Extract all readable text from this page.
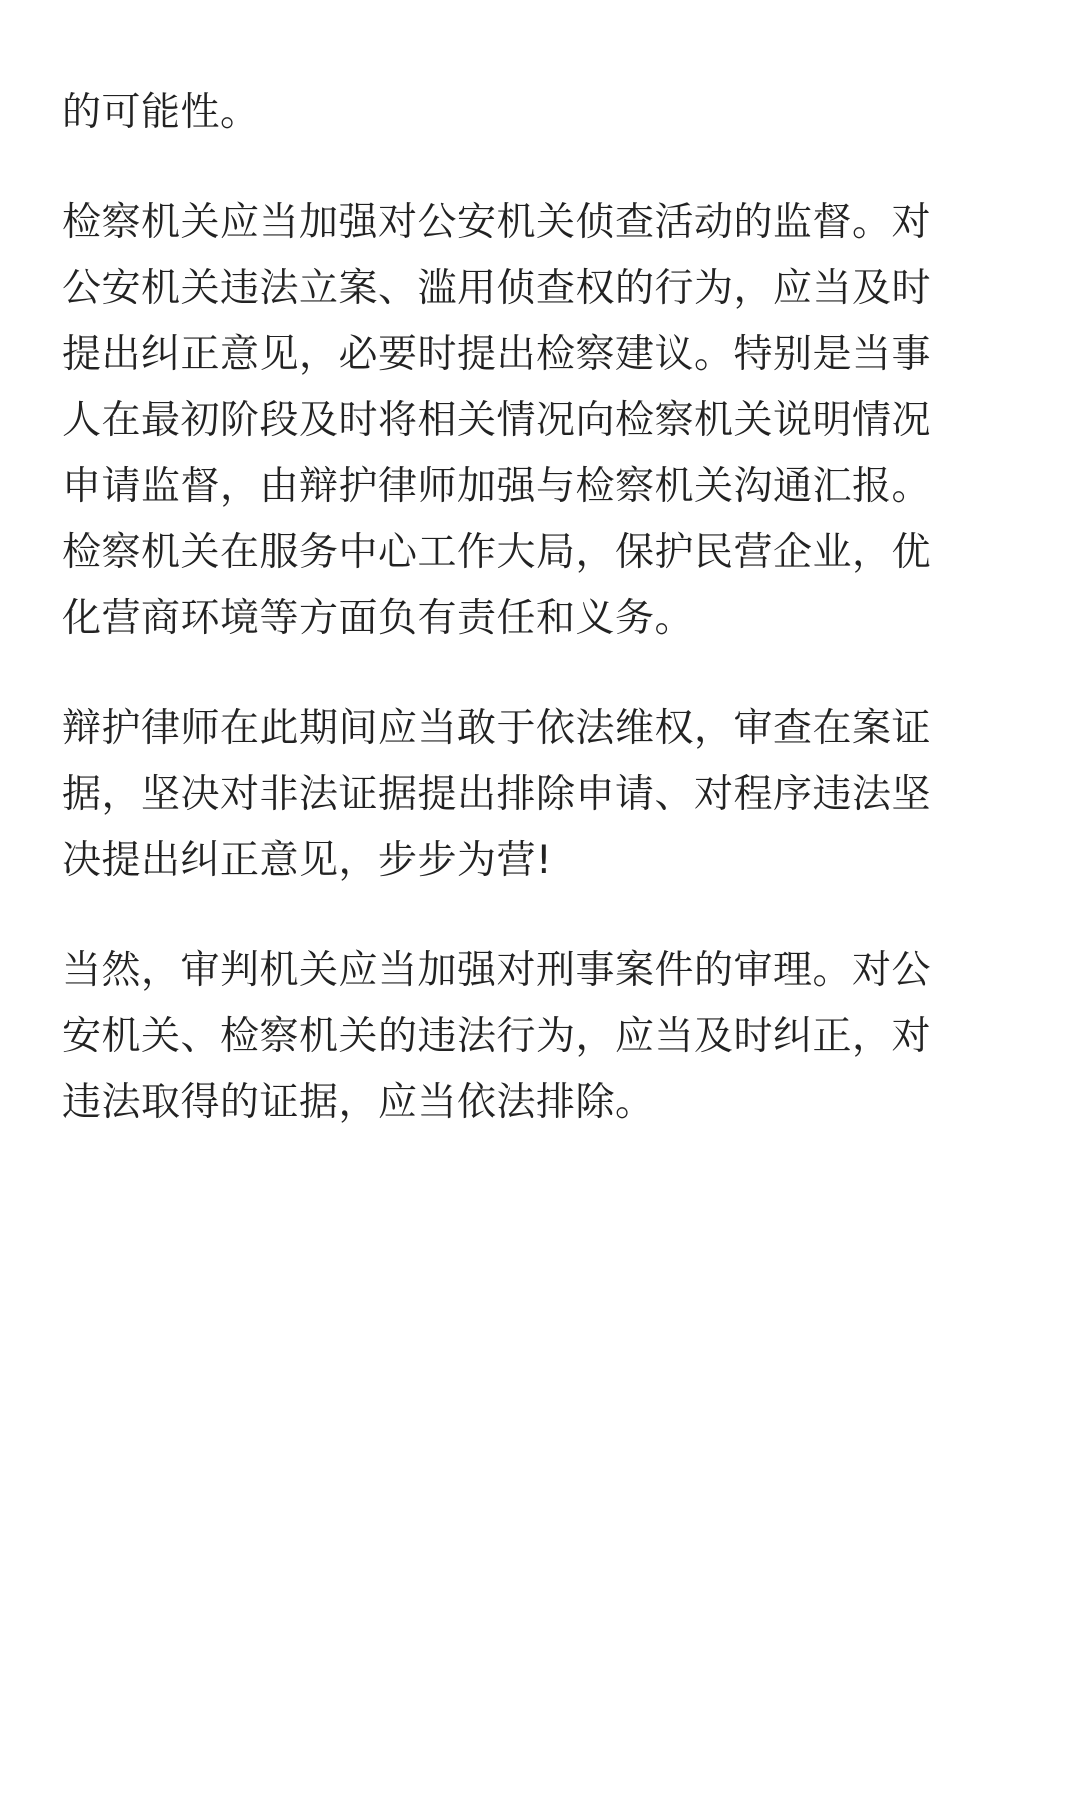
的可能性。

检察机关应当加强对公安机关侦查活动的监督。对
公安机关违法立案、滥用侦查权的行为，应当及时
提出纠正意见，必要时提出检察建议。特别是当事
人在最初阶段及时将相关情况向检察机关说明情况
申请监督，由辩护律师加强与检察机关沟通汇报。
检察机关在服务中心工作大局，保护民营企业，优
化营商环境等方面负有责任和义务。

辩护律师在此期间应当敢于依法维权，审查在案证
据，坚决对非法证据提出排除申请、对程序违法坚
决提出纠正意见，步步为营!

当然，审判机关应当加强对刑事案件的审理。对公
安机关、检察机关的违法行为，应当及时纠正，对
违法取得的证据，应当依法排除。
